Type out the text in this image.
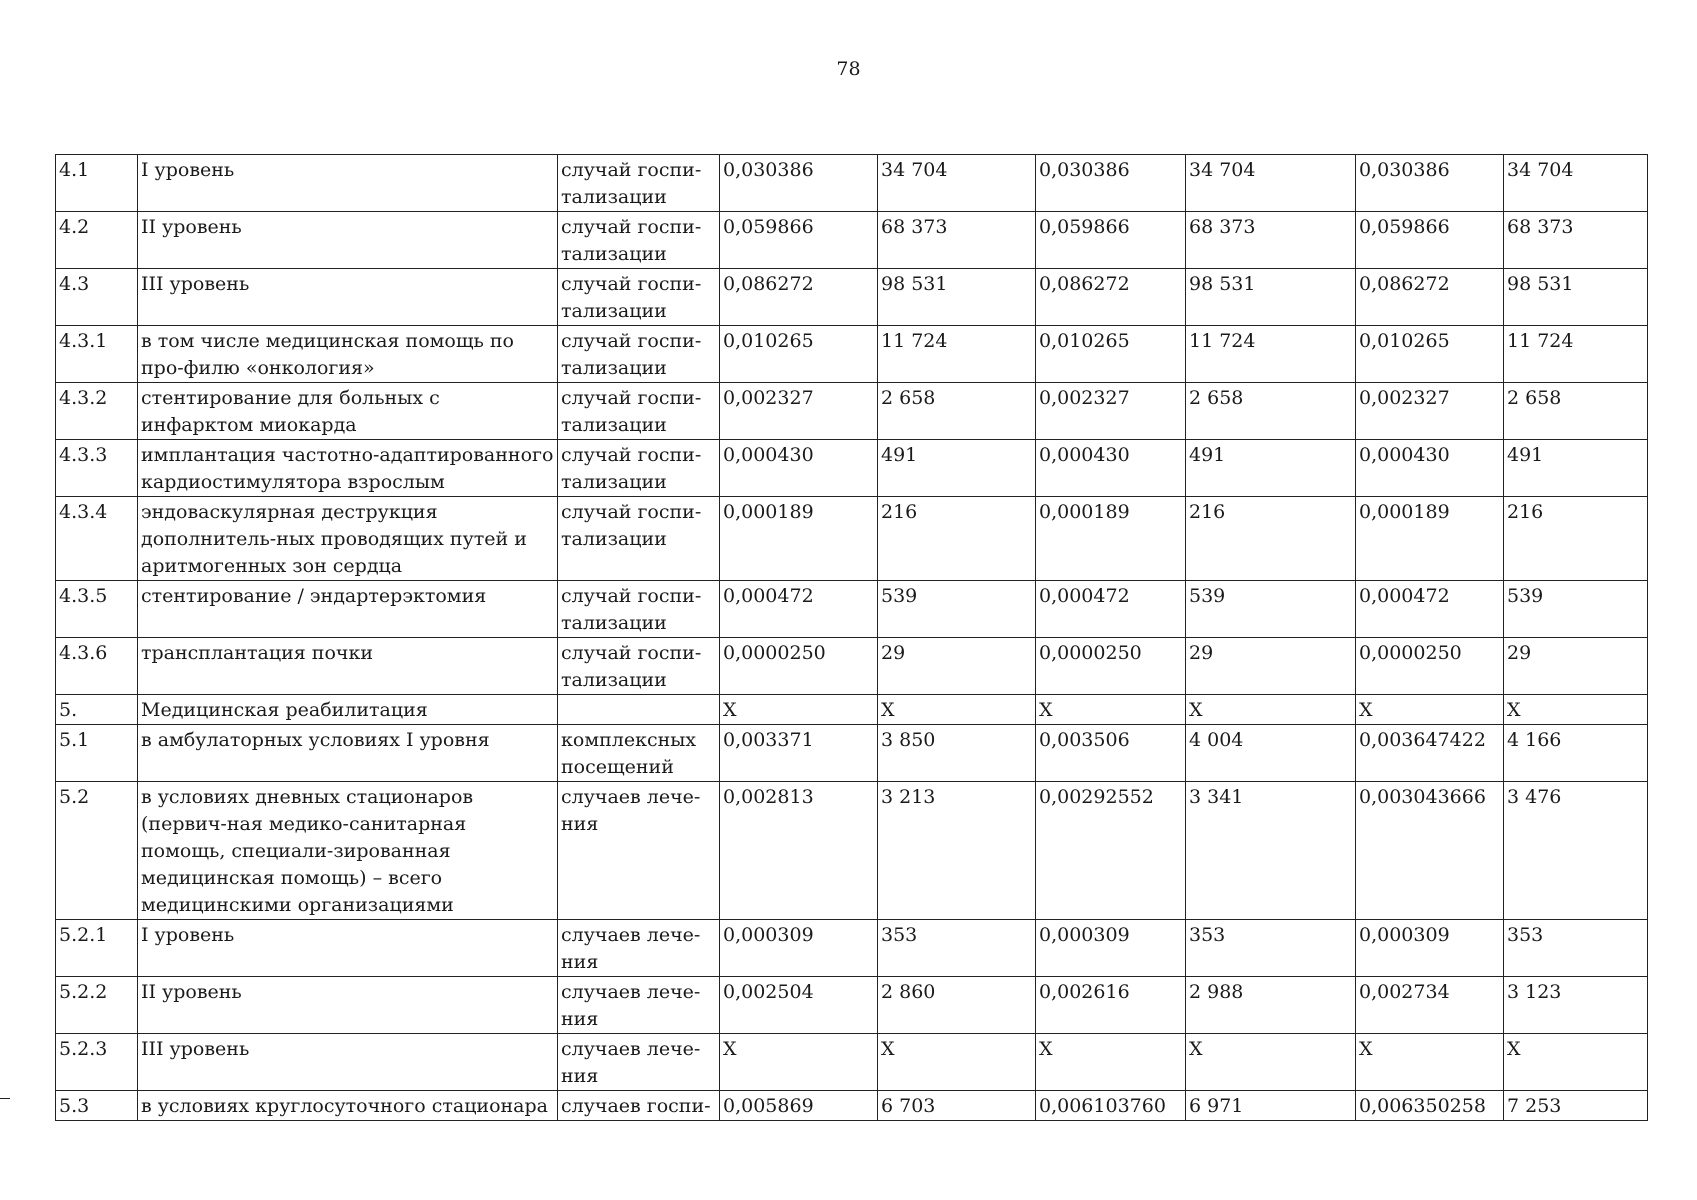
78
4.1	I уровень	случай госпи-тализации	0,030386	34 704	0,030386	34 704	0,030386	34 704
4.2	II уровень	случай госпи-тализации	0,059866	68 373	0,059866	68 373	0,059866	68 373
4.3	III уровень	случай госпи-тализации	0,086272	98 531	0,086272	98 531	0,086272	98 531
4.3.1	в том числе медицинская помощь по про-филю «онкология»	случай госпи-тализации	0,010265	11 724	0,010265	11 724	0,010265	11 724
4.3.2	стентирование для больных с инфарктом миокарда	случай госпи-тализации	0,002327	2 658	0,002327	2 658	0,002327	2 658
4.3.3	имплантация частотно-адаптированного кардиостимулятора взрослым	случай госпи-тализации	0,000430	491	0,000430	491	0,000430	491
4.3.4	эндоваскулярная деструкция дополнитель-ных проводящих путей и аритмогенных зон сердца	случай госпи-тализации	0,000189	216	0,000189	216	0,000189	216
4.3.5	стентирование / эндартерэктомия	случай госпи-тализации	0,000472	539	0,000472	539	0,000472	539
4.3.6	трансплантация почки	случай госпи-тализации	0,0000250	29	0,0000250	29	0,0000250	29
5.	Медицинская реабилитация		X	X	X	X	X	X
5.1	в амбулаторных условиях I уровня	комплексных посещений	0,003371	3 850	0,003506	4 004	0,003647422	4 166
5.2	в условиях дневных стационаров (первич-ная медико-санитарная помощь, специали-зированная медицинская помощь) – всего медицинскими организациями	случаев лече-ния	0,002813	3 213	0,00292552	3 341	0,003043666	3 476
5.2.1	I уровень	случаев лече-ния	0,000309	353	0,000309	353	0,000309	353
5.2.2	II уровень	случаев лече-ния	0,002504	2 860	0,002616	2 988	0,002734	3 123
5.2.3	III уровень	случаев лече-ния	X	X	X	X	X	X
5.3	в условиях круглосуточного стационара	случаев госпи-	0,005869	6 703	0,006103760	6 971	0,006350258	7 253
